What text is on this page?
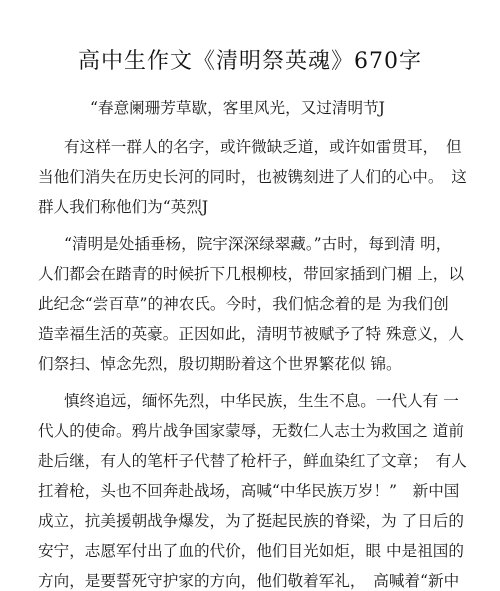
高中生作文《清明祭英魂》670字
“春意阑珊芳草歇，客里风光，又过清明节J
有这样一群人的名字，或许微缺乏道，或许如雷贯耳，　但
当他们消失在历史长河的同时，也被镌刻进了人们的心中。　这
群人我们称他们为“英烈J
“清明是处插垂杨，院宇深深绿翠藏。”古时，每到清 明，
人们都会在踏青的时候折下几根柳枝，带回家插到门楣 上，以
此纪念“尝百草”的神农氏。今时，我们惦念着的是 为我们创
造幸福生活的英豪。正因如此，清明节被赋予了特 殊意义，人
们祭扫、悼念先烈，殷切期盼着这个世界繁花似 锦。
慎终追远，缅怀先烈，中华民族，生生不息。一代人有 一
代人的使命。鸦片战争国家蒙辱，无数仁人志士为救国之 道前
赴后继，有人的笔杆子代替了枪杆子，鲜血染红了文章；　有人
扛着枪，头也不回奔赴战场，高喊“中华民族万岁！”　新中国
成立，抗美援朝战争爆发，为了挺起民族的脊梁，为 了日后的
安宁，志愿军付出了血的代价，他们目光如炬，眼 中是祖国的
方向，是要誓死守护家的方向，他们敬着军礼，　高喊着“新中
